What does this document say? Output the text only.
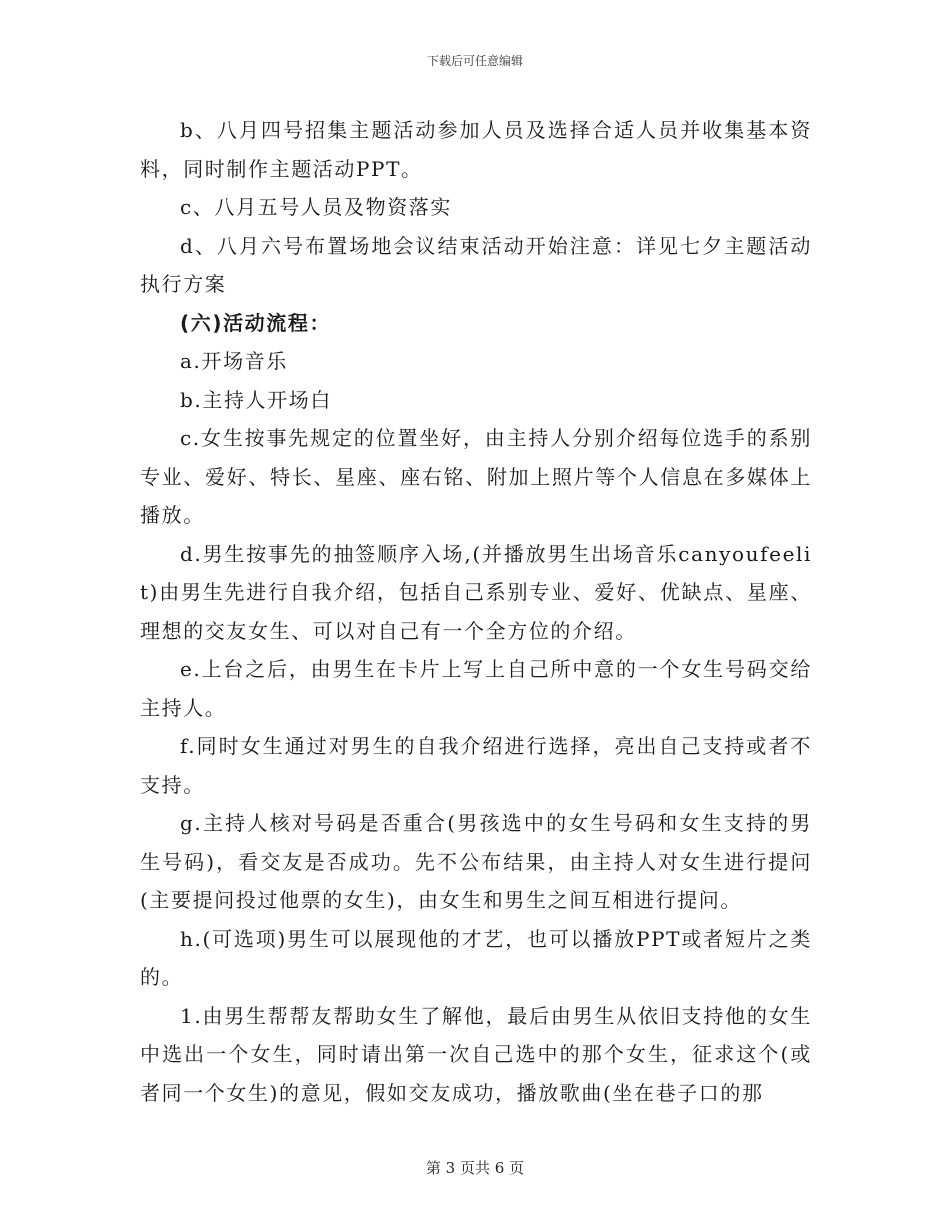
下载后可任意编辑

b、八月四号招集主题活动参加人员及选择合适人员并收集基本资料，同时制作主题活动PPT。

c、八月五号人员及物资落实

d、八月六号布置场地会议结束活动开始注意：详见七夕主题活动执行方案

(六)活动流程：

a.开场音乐

b.主持人开场白

c.女生按事先规定的位置坐好，由主持人分别介绍每位选手的系别专业、爱好、特长、星座、座右铭、附加上照片等个人信息在多媒体上播放。

d.男生按事先的抽签顺序入场,(并播放男生出场音乐canyoufeelit)由男生先进行自我介绍，包括自己系别专业、爱好、优缺点、星座、理想的交友女生、可以对自己有一个全方位的介绍。

e.上台之后，由男生在卡片上写上自己所中意的一个女生号码交给主持人。

f.同时女生通过对男生的自我介绍进行选择，亮出自己支持或者不支持。

g.主持人核对号码是否重合(男孩选中的女生号码和女生支持的男生号码)，看交友是否成功。先不公布结果，由主持人对女生进行提问(主要提问投过他票的女生)，由女生和男生之间互相进行提问。

h.(可选项)男生可以展现他的才艺，也可以播放PPT或者短片之类的。

1.由男生帮帮友帮助女生了解他，最后由男生从依旧支持他的女生中选出一个女生，同时请出第一次自己选中的那个女生，征求这个(或者同一个女生)的意见，假如交友成功，播放歌曲(坐在巷子口的那

第 3 页共 6 页
